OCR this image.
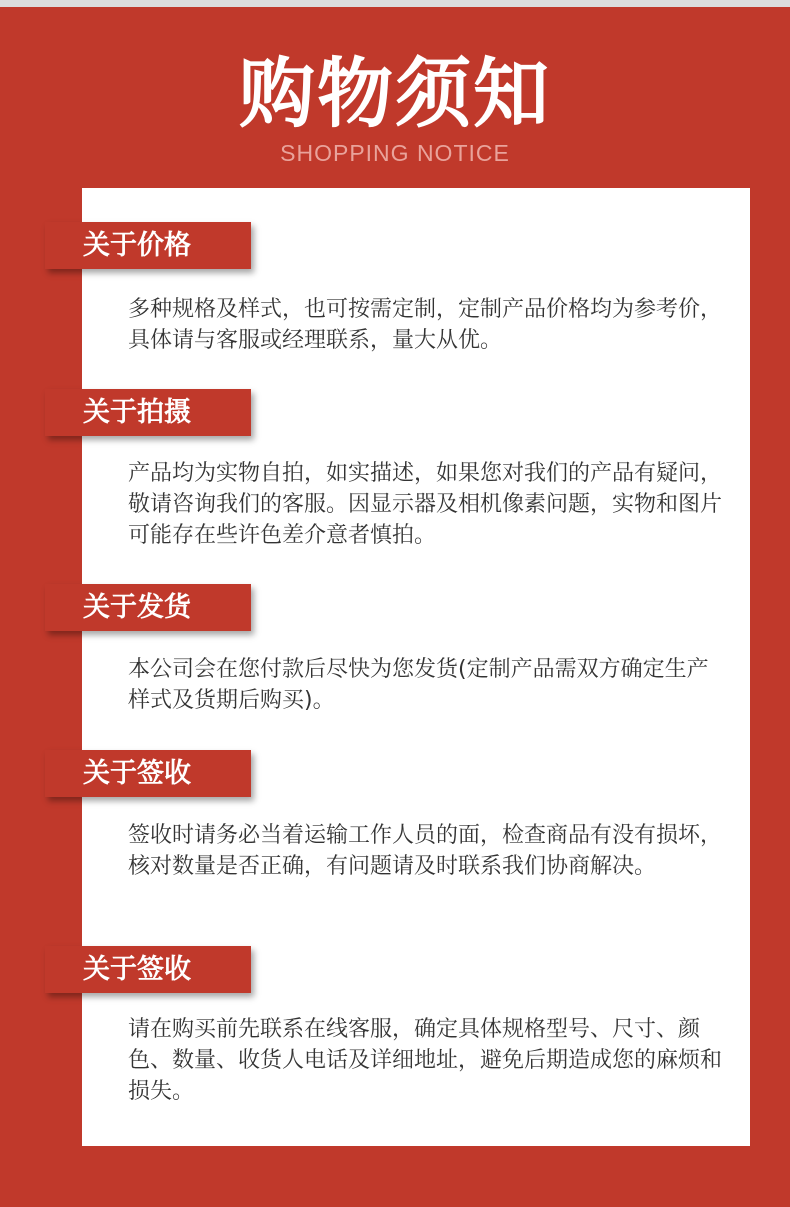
购物须知
SHOPPING NOTICE
关于价格
多种规格及样式，也可按需定制，定制产品价格均为参考价，具体请与客服或经理联系，量大从优。
关于拍摄
产品均为实物自拍，如实描述，如果您对我们的产品有疑问，敬请咨询我们的客服。因显示器及相机像素问题，实物和图片可能存在些许色差介意者慎拍。
关于发货
本公司会在您付款后尽快为您发货(定制产品需双方确定生产样式及货期后购买)。
关于签收
签收时请务必当着运输工作人员的面，检查商品有没有损坏，核对数量是否正确，有问题请及时联系我们协商解决。
关于签收
请在购买前先联系在线客服，确定具体规格型号、尺寸、颜色、数量、收货人电话及详细地址，避免后期造成您的麻烦和损失。
